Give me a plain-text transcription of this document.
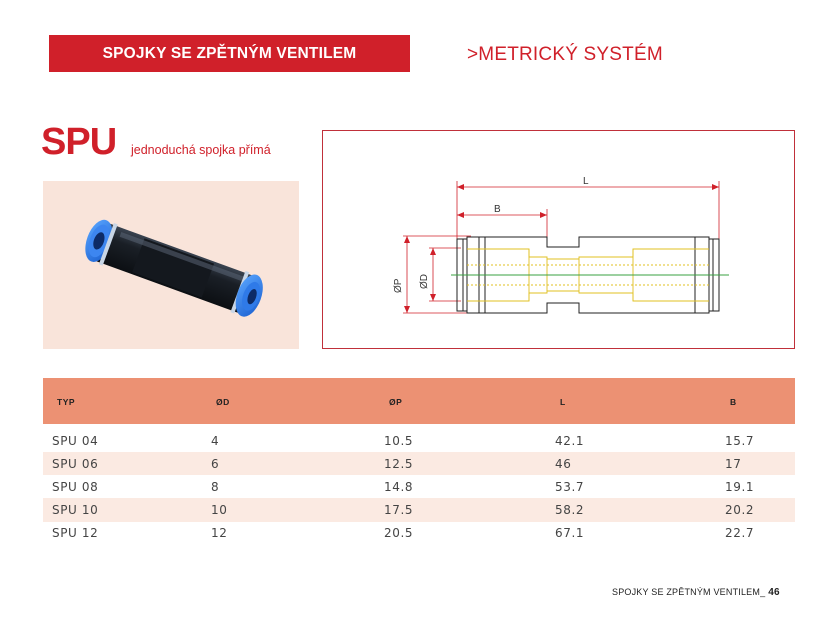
SPOJKY SE ZPĚTNÝM VENTILEM	>METRICKÝ SYSTÉM
SPU jednoduchá spojka přímá
L
B
ØP ØD
TYP	ØD	ØP	L	B
SPU 04	4	10.5	42.1	15.7
SPU 06	6	12.5	46	17
SPU 08	8	14.8	53.7	19.1
SPU 10	10	17.5	58.2	20.2
SPU 12	12	20.5	67.1	22.7
SPOJKY SE ZPĚTNÝM VENTILEM_ 46
